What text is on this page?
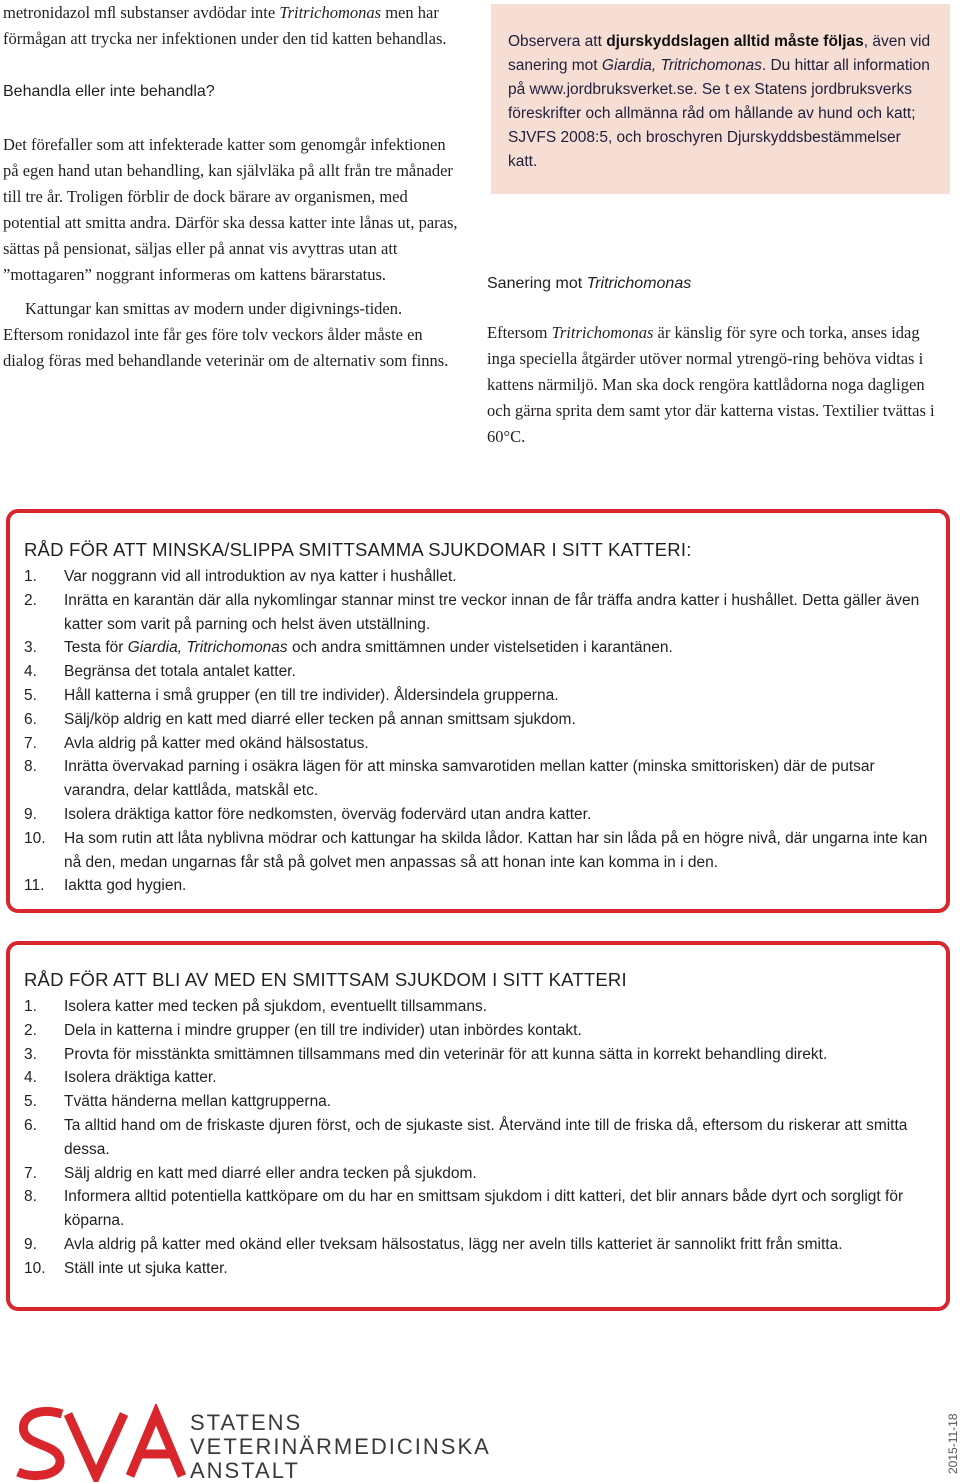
metronidazol mﬂ substanser avdödar inte Tritrichomonas men har förmågan att trycka ner infektionen under den tid katten behandlas.

Behandla eller inte behandla?

Det förefaller som att infekterade katter som genomgår infektionen på egen hand utan behandling, kan självläka på allt från tre månader till tre år. Troligen förblir de dock bärare av organismen, med potential att smitta andra. Därför ska dessa katter inte lånas ut, paras, sättas på pensionat, säljas eller på annat vis avyttras utan att ”mottagaren” noggrant informeras om kattens bärarstatus.

Kattungar kan smittas av modern under digivnings-tiden. Eftersom ronidazol inte får ges före tolv veckors ålder måste en dialog föras med behandlande veterinär om de alternativ som finns.

Observera att djurskyddslagen alltid måste följas, även vid sanering mot Giardia, Tritrichomonas. Du hittar all information på www.jordbruksverket.se. Se t ex Statens jordbruksverks föreskrifter och allmänna råd om hållande av hund och katt; SJVFS 2008:5, och broschyren Djurskyddsbestämmelser katt.
Sanering mot Tritrichomonas

Eftersom Tritrichomonas är känslig för syre och torka, anses idag inga speciella åtgärder utöver normal ytrengö-ring behöva vidtas i kattens närmiljö. Man ska dock rengöra kattlådorna noga dagligen och gärna sprita dem samt ytor där katterna vistas. Textilier tvättas i 60°C.

RÅD FÖR ATT MINSKA/SLIPPA SMITTSAMMA SJUKDOMAR I SITT KATTERI:
1. Var noggrann vid all introduktion av nya katter i hushållet.
2. Inrätta en karantän där alla nykomlingar stannar minst tre veckor innan de får träffa andra katter i hushållet. Detta gäller även katter som varit på parning och helst även utställning.
3. Testa för Giardia, Tritrichomonas och andra smittämnen under vistelsetiden i karantänen.
4. Begränsa det totala antalet katter.
5. Håll katterna i små grupper (en till tre individer). Åldersindela grupperna.
6. Sälj/köp aldrig en katt med diarré eller tecken på annan smittsam sjukdom.
7. Avla aldrig på katter med okänd hälsostatus.
8. Inrätta övervakad parning i osäkra lägen för att minska samvarotiden mellan katter (minska smittorisken) där de putsar varandra, delar kattlåda, matskål etc.
9. Isolera dräktiga kattor före nedkomsten, överväg fodervärd utan andra katter.
10. Ha som rutin att låta nyblivna mödrar och kattungar ha skilda lådor. Kattan har sin låda på en högre nivå, där ungarna inte kan nå den, medan ungarnas får stå på golvet men anpassas så att honan inte kan komma in i den.
11. Iaktta god hygien.
RÅD FÖR ATT BLI AV MED EN SMITTSAM SJUKDOM I SITT KATTERI
1. Isolera katter med tecken på sjukdom, eventuellt tillsammans.
2. Dela in katterna i mindre grupper (en till tre individer) utan inbördes kontakt.
3. Provta för misstänkta smittämnen tillsammans med din veterinär för att kunna sätta in korrekt behandling direkt.
4. Isolera dräktiga katter.
5. Tvätta händerna mellan kattgrupperna.
6. Ta alltid hand om de friskaste djuren först, och de sjukaste sist. Återvänd inte till de friska då, eftersom du riskerar att smitta dessa.
7. Sälj aldrig en katt med diarré eller andra tecken på sjukdom.
8. Informera alltid potentiella kattköpare om du har en smittsam sjukdom i ditt katteri, det blir annars både dyrt och sorgligt för köparna.
9. Avla aldrig på katter med okänd eller tveksam hälsostatus, lägg ner aveln tills katteriet är sannolikt fritt från smitta.
10. Ställ inte ut sjuka katter.
STATENS
VETERINÄRMEDICINSKA
ANSTALT	2015-11-18
